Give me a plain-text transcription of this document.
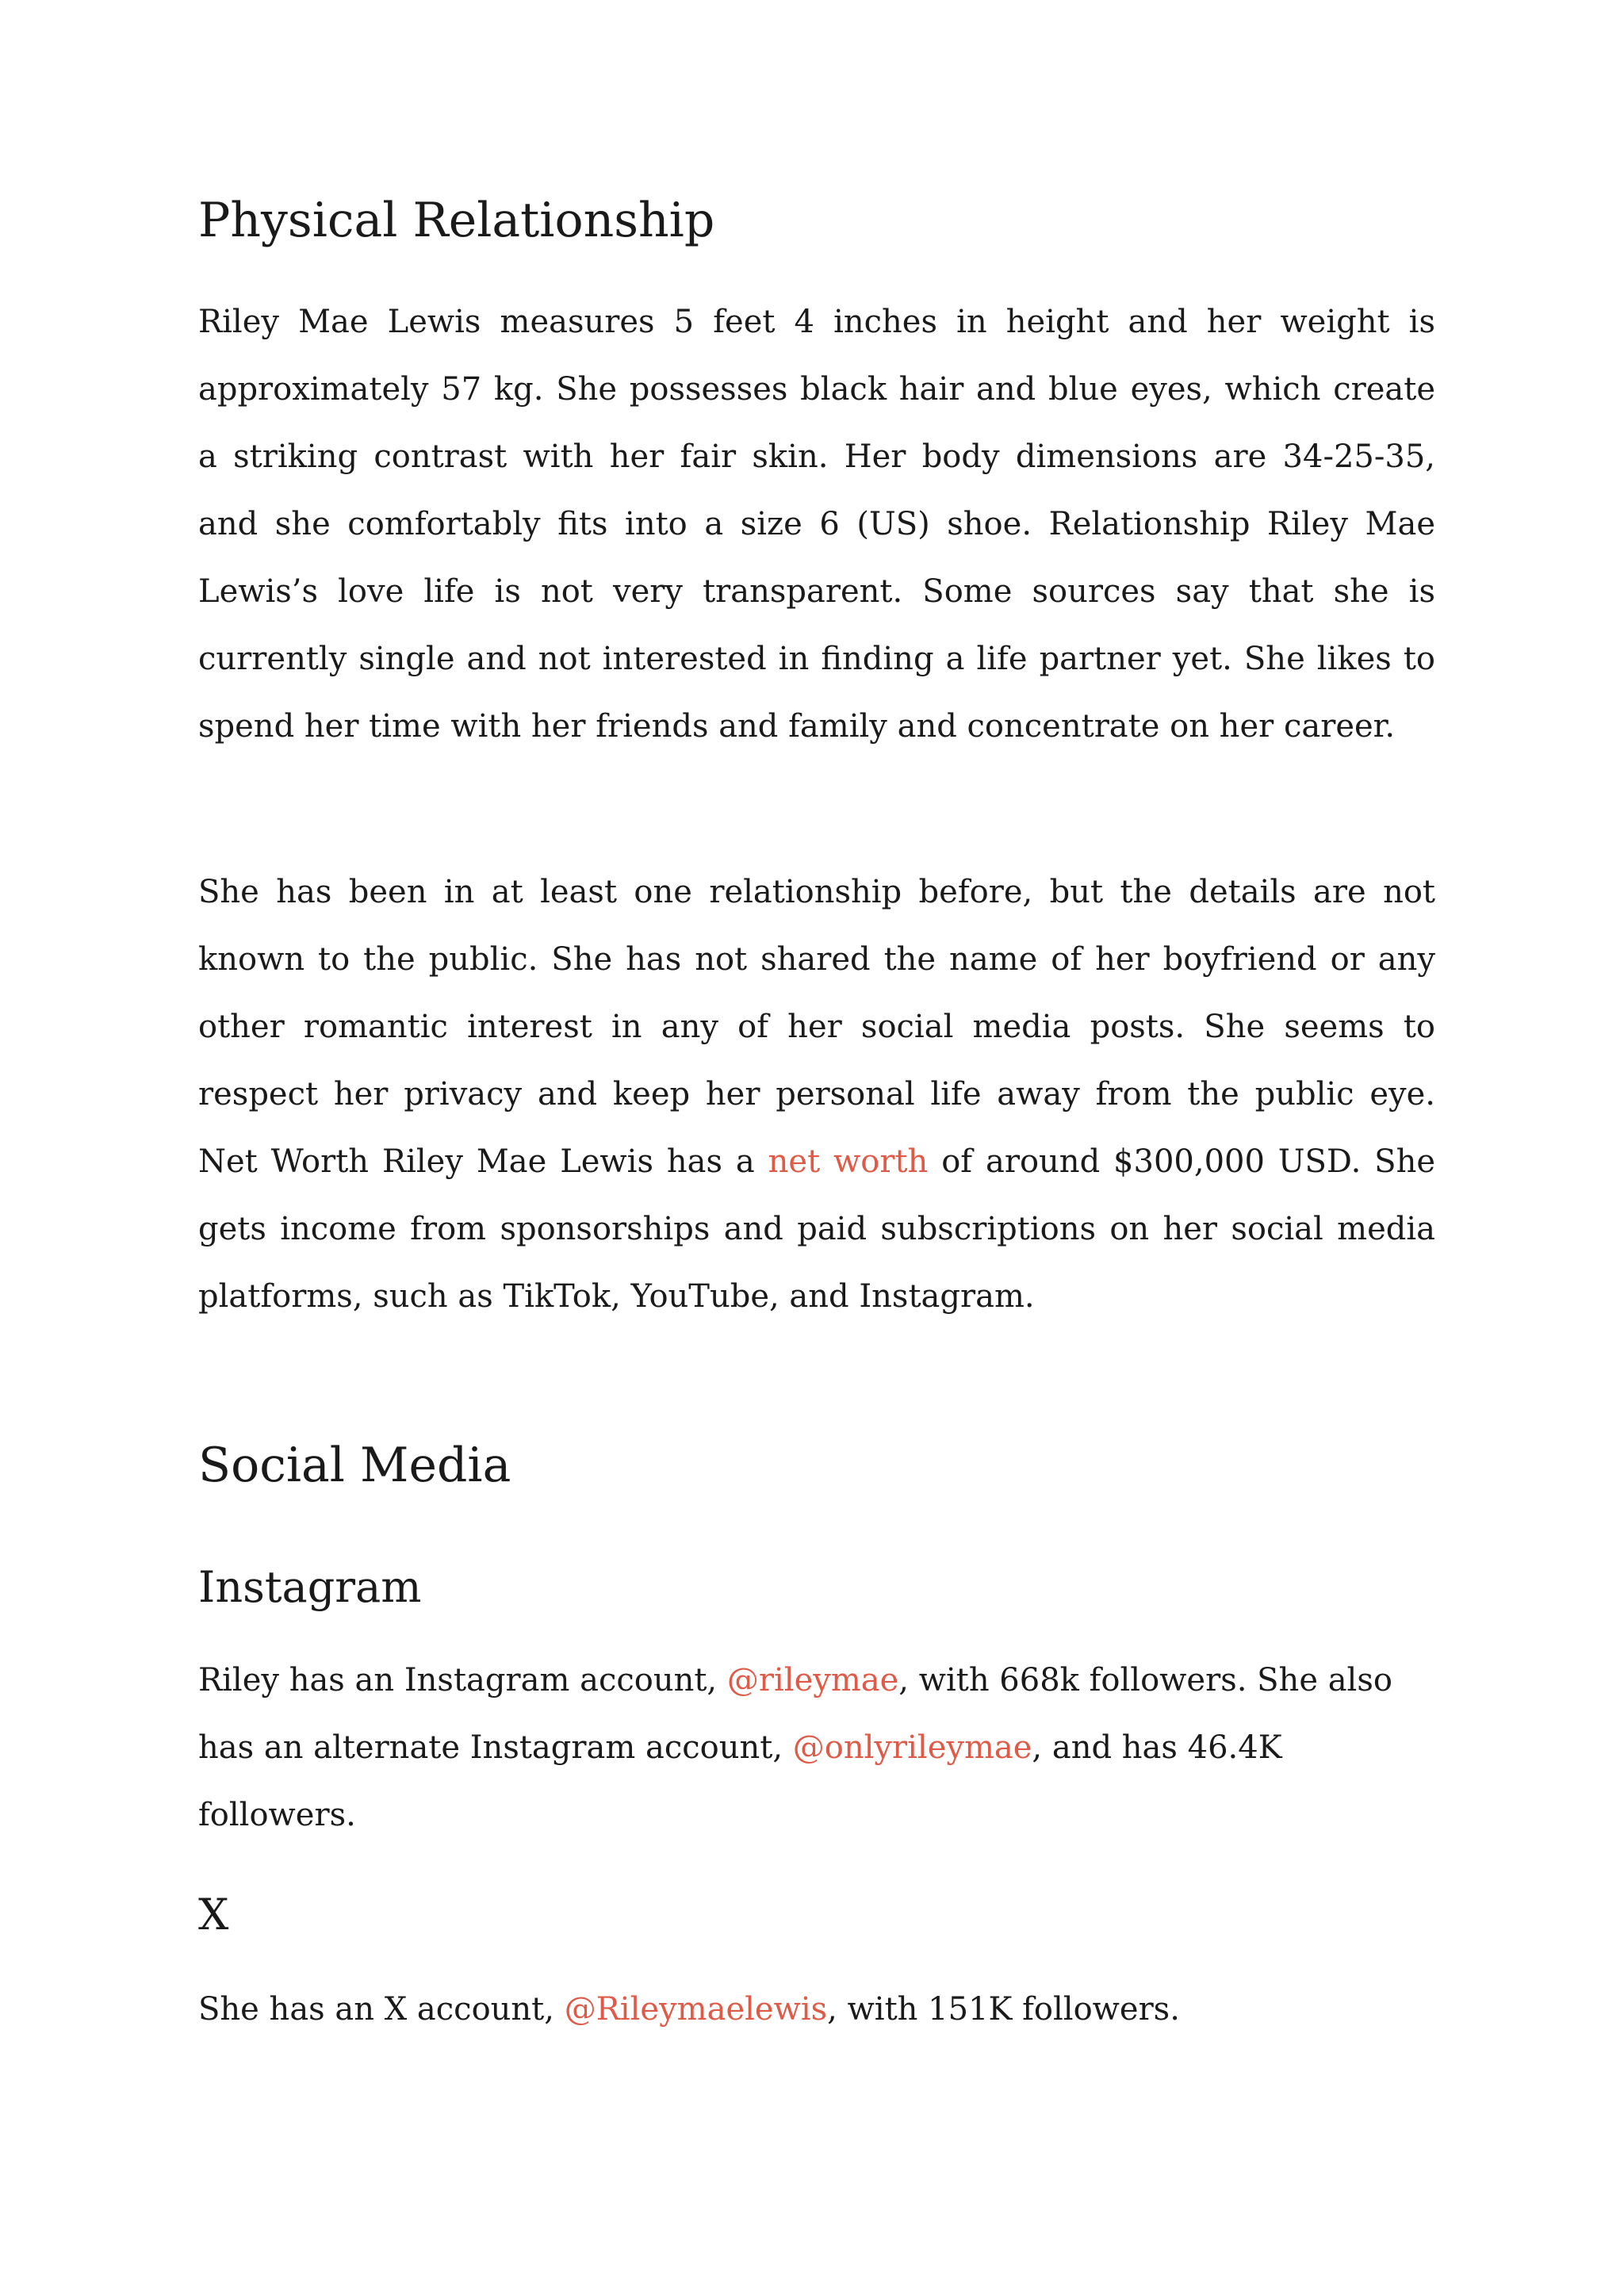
Physical Relationship

Riley Mae Lewis measures 5 feet 4 inches in height and her weight is approximately 57 kg. She possesses black hair and blue eyes, which create a striking contrast with her fair skin. Her body dimensions are 34-25-35, and she comfortably fits into a size 6 (US) shoe. Relationship Riley Mae Lewis’s love life is not very transparent. Some sources say that she is currently single and not interested in finding a life partner yet. She likes to spend her time with her friends and family and concentrate on her career.

She has been in at least one relationship before, but the details are not known to the public. She has not shared the name of her boyfriend or any other romantic interest in any of her social media posts. She seems to respect her privacy and keep her personal life away from the public eye. Net Worth Riley Mae Lewis has a net worth of around $300,000 USD. She gets income from sponsorships and paid subscriptions on her social media platforms, such as TikTok, YouTube, and Instagram.

Social Media
Instagram

Riley has an Instagram account, @rileymae, with 668k followers. She also has an alternate Instagram account, @onlyrileymae, and has 46.4K followers.

X

She has an X account, @Rileymaelewis, with 151K followers.
